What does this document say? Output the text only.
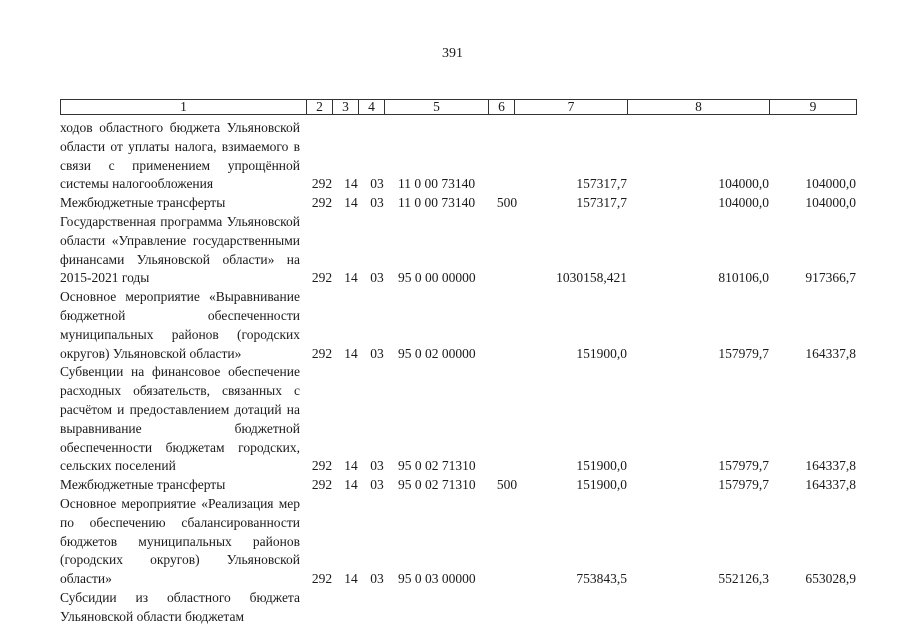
391
1	2	3	4	5	6	7	8	9
ходов областного бюджета Ульяновской области от уплаты налога, взимаемого в связи с применением упрощённой системы налогообложения	292	14	03	11 0 00 73140		157317,7	104000,0	104000,0
Межбюджетные трансферты	292	14	03	11 0 00 73140	500	157317,7	104000,0	104000,0
Государственная программа Ульяновской области «Управление государственными финансами Ульяновской области» на 2015-2021 годы	292	14	03	95 0 00 00000		1030158,421	810106,0	917366,7
Основное мероприятие «Выравнивание бюджетной обеспеченности муниципальных районов (городских округов) Ульяновской области»	292	14	03	95 0 02 00000		151900,0	157979,7	164337,8
Субвенции на финансовое обеспечение расходных обязательств, связанных с расчётом и предоставлением дотаций на выравнивание бюджетной обеспеченности бюджетам городских, сельских поселений	292	14	03	95 0 02 71310		151900,0	157979,7	164337,8
Межбюджетные трансферты	292	14	03	95 0 02 71310	500	151900,0	157979,7	164337,8
Основное мероприятие «Реализация мер по обеспечению сбалансированности бюджетов муниципальных районов (городских округов) Ульяновской области»	292	14	03	95 0 03 00000		753843,5	552126,3	653028,9
Субсидии из областного бюджета Ульяновской области бюджетам								
